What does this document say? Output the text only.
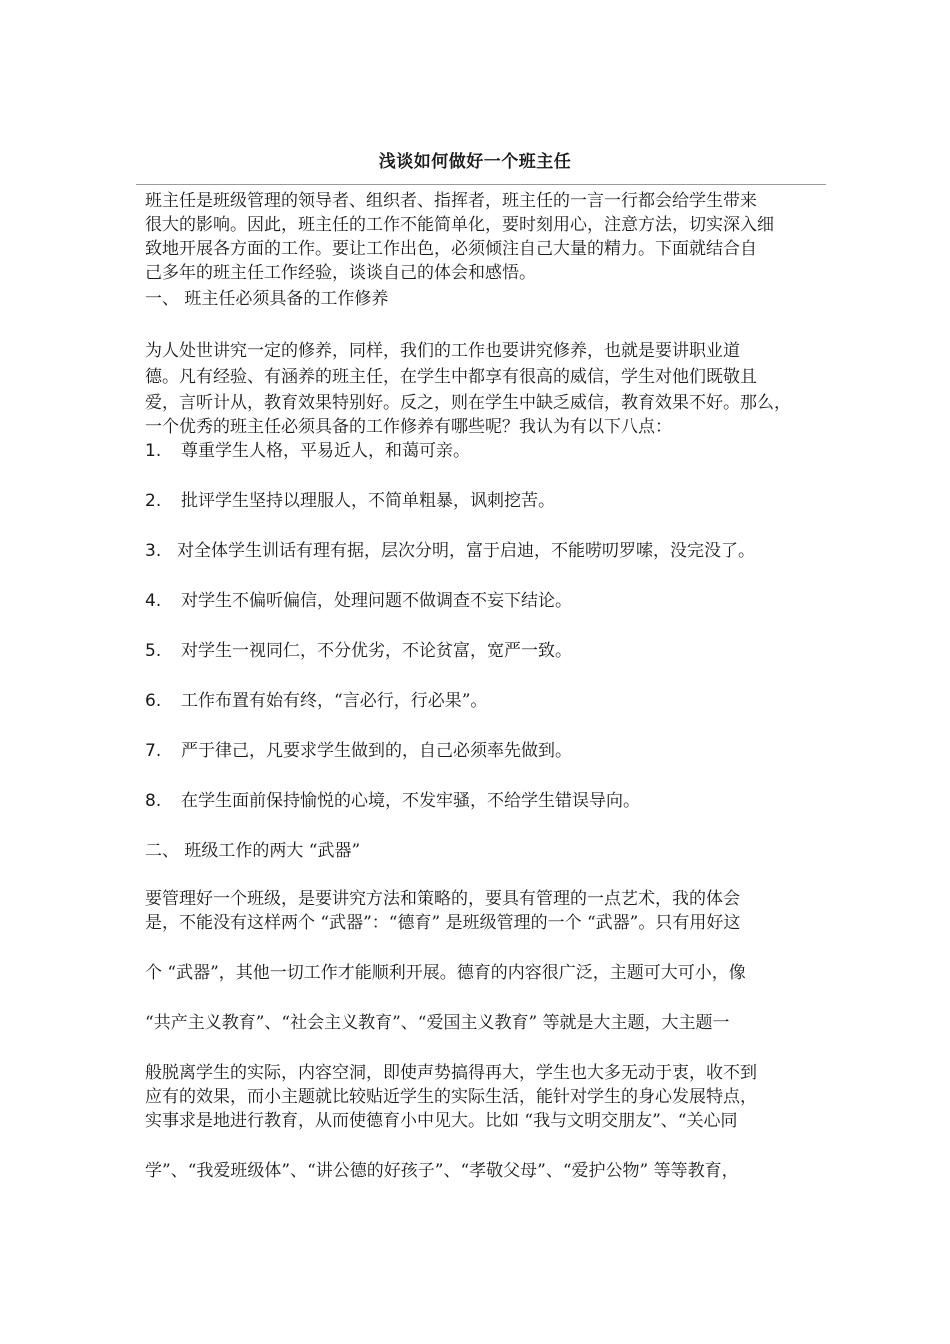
浅谈如何做好一个班主任
班主任是班级管理的领导者、组织者、指挥者，班主任的一言一行都会给学生带来
很大的影响。因此，班主任的工作不能简单化，要时刻用心，注意方法，切实深入细
致地开展各方面的工作。要让工作出色，必须倾注自己大量的精力。下面就结合自
己多年的班主任工作经验，谈谈自己的体会和感悟。
一、 班主任必须具备的工作修养
为人处世讲究一定的修养，同样，我们的工作也要讲究修养，也就是要讲职业道
德。凡有经验、有涵养的班主任，在学生中都享有很高的威信，学生对他们既敬且
爱，言听计从，教育效果特别好。反之，则在学生中缺乏威信，教育效果不好。那么，
一个优秀的班主任必须具备的工作修养有哪些呢？我认为有以下八点：
1. 尊重学生人格，平易近人，和蔼可亲。
2. 批评学生坚持以理服人，不简单粗暴，讽刺挖苦。
3. 对全体学生训话有理有据，层次分明，富于启迪，不能唠叨罗嗦，没完没了。
4. 对学生不偏听偏信，处理问题不做调查不妄下结论。
5. 对学生一视同仁，不分优劣，不论贫富，宽严一致。
6. 工作布置有始有终，“言必行，行必果”。
7. 严于律己，凡要求学生做到的，自己必须率先做到。
8. 在学生面前保持愉悦的心境，不发牢骚，不给学生错误导向。
二、 班级工作的两大 “武器”
要管理好一个班级，是要讲究方法和策略的，要具有管理的一点艺术，我的体会
是，不能没有这样两个 “武器”：“德育” 是班级管理的一个 “武器”。只有用好这
个 “武器”，其他一切工作才能顺利开展。德育的内容很广泛，主题可大可小，像
“共产主义教育”、“社会主义教育”、“爱国主义教育” 等就是大主题，大主题一
般脱离学生的实际，内容空洞，即使声势搞得再大，学生也大多无动于衷，收不到
应有的效果，而小主题就比较贴近学生的实际生活，能针对学生的身心发展特点，
实事求是地进行教育，从而使德育小中见大。比如 “我与文明交朋友”、“关心同
学”、“我爱班级体”、“讲公德的好孩子”、“孝敬父母”、“爱护公物” 等等教育，
